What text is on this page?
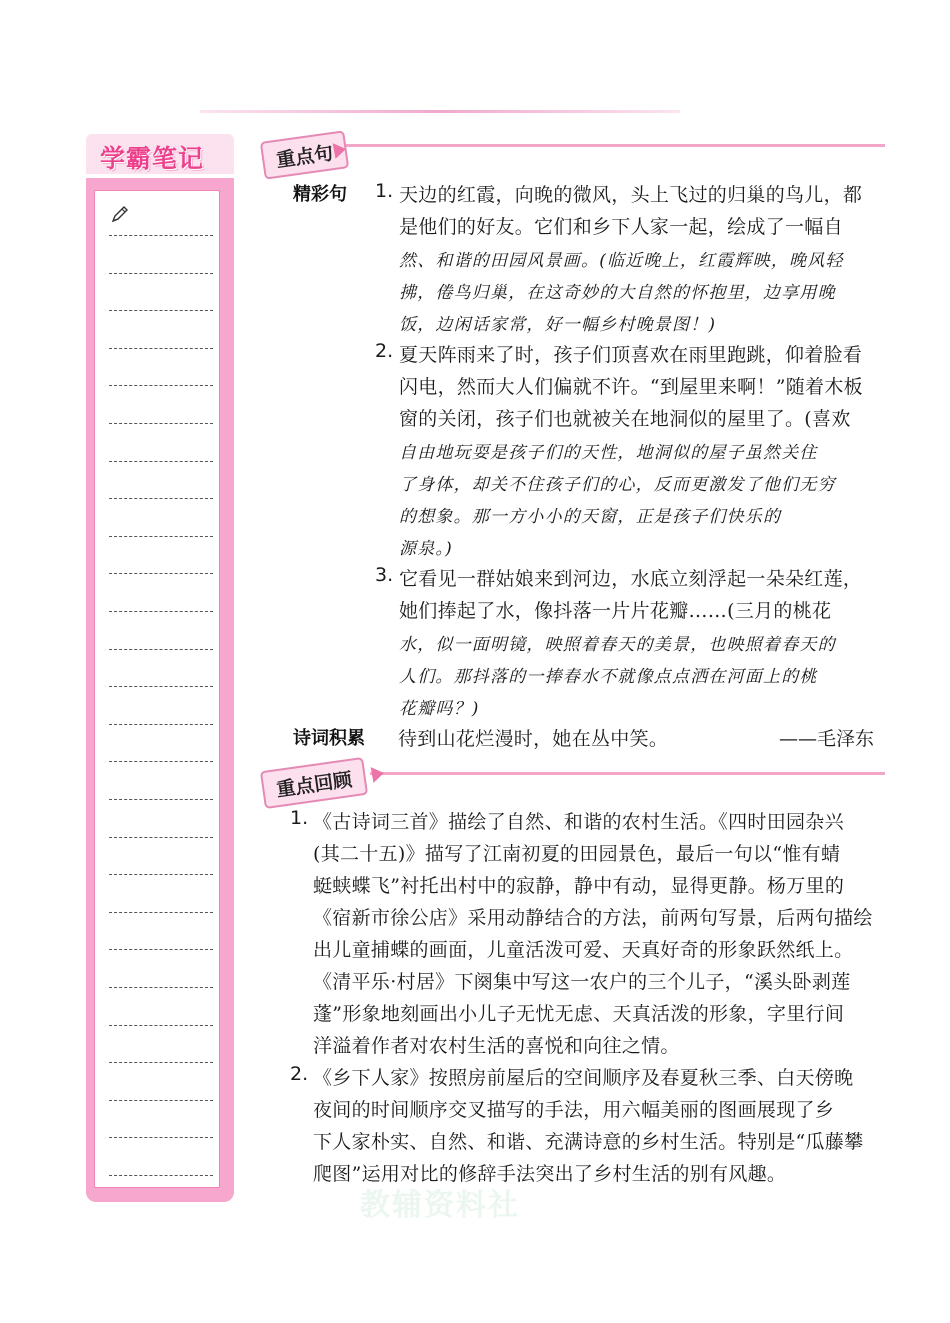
学霸笔记	重点句
精彩句 1. 天边的红霞，向晚的微风，头上飞过的归巢的鸟儿，都
是他们的好友。它们和乡下人家一起，绘成了一幅自
然、和谐的田园风景画。(临近晚上，红霞辉映，晚风轻
拂，倦鸟归巢，在这奇妙的大自然的怀抱里，边享用晚
饭，边闲话家常，好一幅乡村晚景图！)
2. 夏天阵雨来了时，孩子们顶喜欢在雨里跑跳，仰着脸看
闪电，然而大人们偏就不许。“到屋里来啊！”随着木板
窗的关闭，孩子们也就被关在地洞似的屋里了。(喜欢
自由地玩耍是孩子们的天性，地洞似的屋子虽然关住
了身体，却关不住孩子们的心，反而更激发了他们无穷
的想象。那一方小小的天窗，正是孩子们快乐的
源泉。)
3. 它看见一群姑娘来到河边，水底立刻浮起一朵朵红莲，
她们捧起了水，像抖落一片片花瓣……(三月的桃花
水，似一面明镜，映照着春天的美景，也映照着春天的
人们。那抖落的一捧春水不就像点点洒在河面上的桃
花瓣吗？)
诗词积累 待到山花烂漫时，她在丛中笑。	——毛泽东
重点回顾
1. 《古诗词三首》描绘了自然、和谐的农村生活。《四时田园杂兴
(其二十五)》描写了江南初夏的田园景色，最后一句以“惟有蜻
蜓蛱蝶飞”衬托出村中的寂静，静中有动，显得更静。杨万里的
《宿新市徐公店》采用动静结合的方法，前两句写景，后两句描绘
出儿童捕蝶的画面，儿童活泼可爱、天真好奇的形象跃然纸上。
《清平乐·村居》下阕集中写这一农户的三个儿子，“溪头卧剥莲
蓬”形象地刻画出小儿子无忧无虑、天真活泼的形象，字里行间
洋溢着作者对农村生活的喜悦和向往之情。
2. 《乡下人家》按照房前屋后的空间顺序及春夏秋三季、白天傍晚
夜间的时间顺序交叉描写的手法，用六幅美丽的图画展现了乡
下人家朴实、自然、和谐、充满诗意的乡村生活。特别是“瓜藤攀
爬图”运用对比的修辞手法突出了乡村生活的别有风趣。
教辅资料社
